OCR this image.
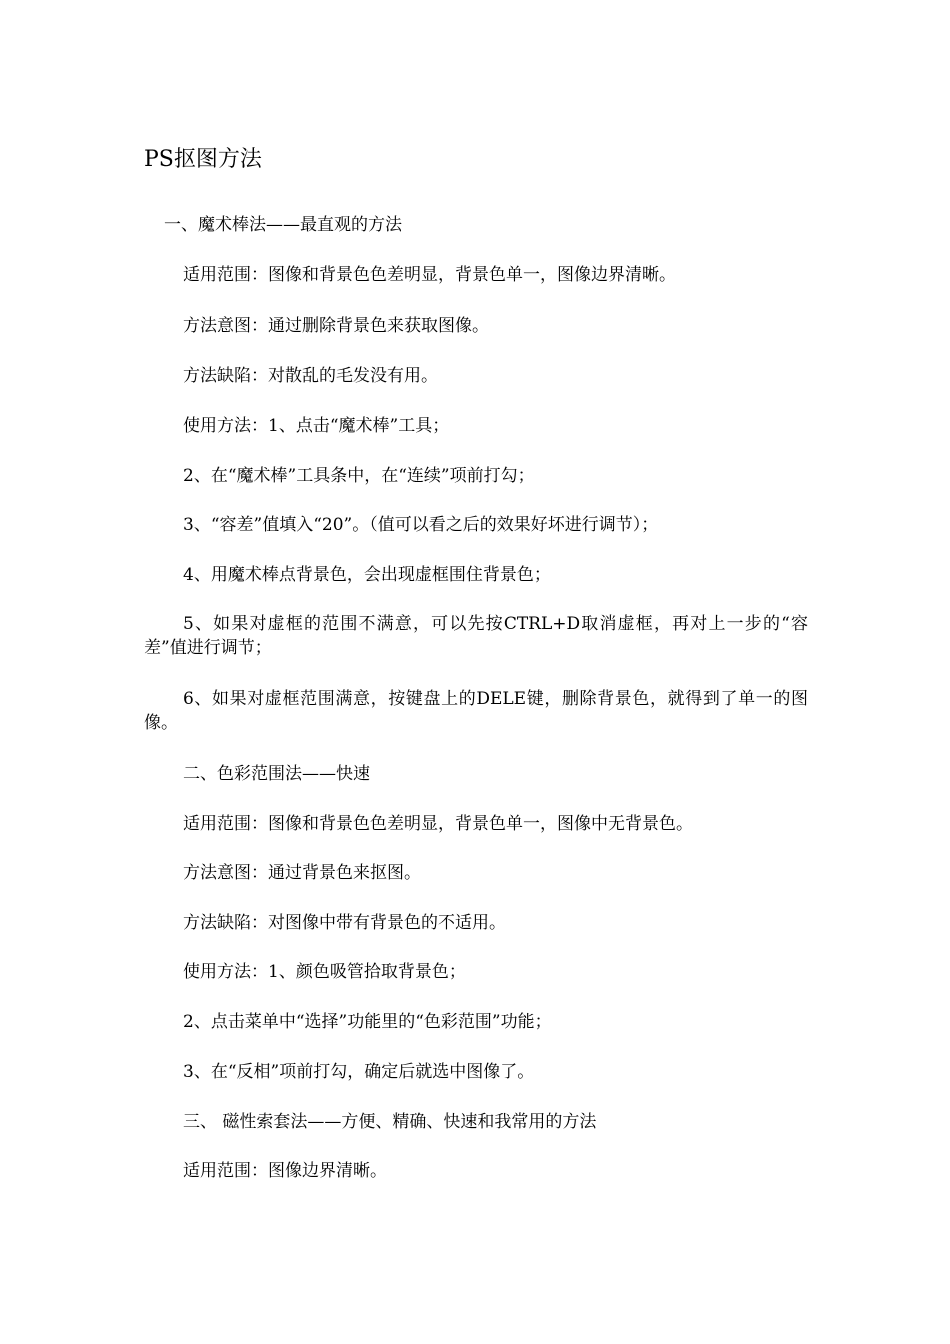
PS抠图方法
一、魔术棒法——最直观的方法
适用范围：图像和背景色色差明显，背景色单一，图像边界清晰。
方法意图：通过删除背景色来获取图像。
方法缺陷：对散乱的毛发没有用。
使用方法：1、点击“魔术棒”工具；
2、在“魔术棒”工具条中，在“连续”项前打勾；
3、“容差”值填入“20”。（值可以看之后的效果好坏进行调节）；
4、用魔术棒点背景色，会出现虚框围住背景色；
5、如果对虚框的范围不满意，可以先按CTRL+D取消虚框，再对上一步的“容差”值进行调节；
6、如果对虚框范围满意，按键盘上的DELE键，删除背景色，就得到了单一的图像。
二、色彩范围法——快速
适用范围：图像和背景色色差明显，背景色单一，图像中无背景色。
方法意图：通过背景色来抠图。
方法缺陷：对图像中带有背景色的不适用。
使用方法：1、颜色吸管拾取背景色；
2、点击菜单中“选择”功能里的“色彩范围”功能；
3、在“反相”项前打勾，确定后就选中图像了。
三、 磁性索套法——方便、精确、快速和我常用的方法
适用范围：图像边界清晰。
